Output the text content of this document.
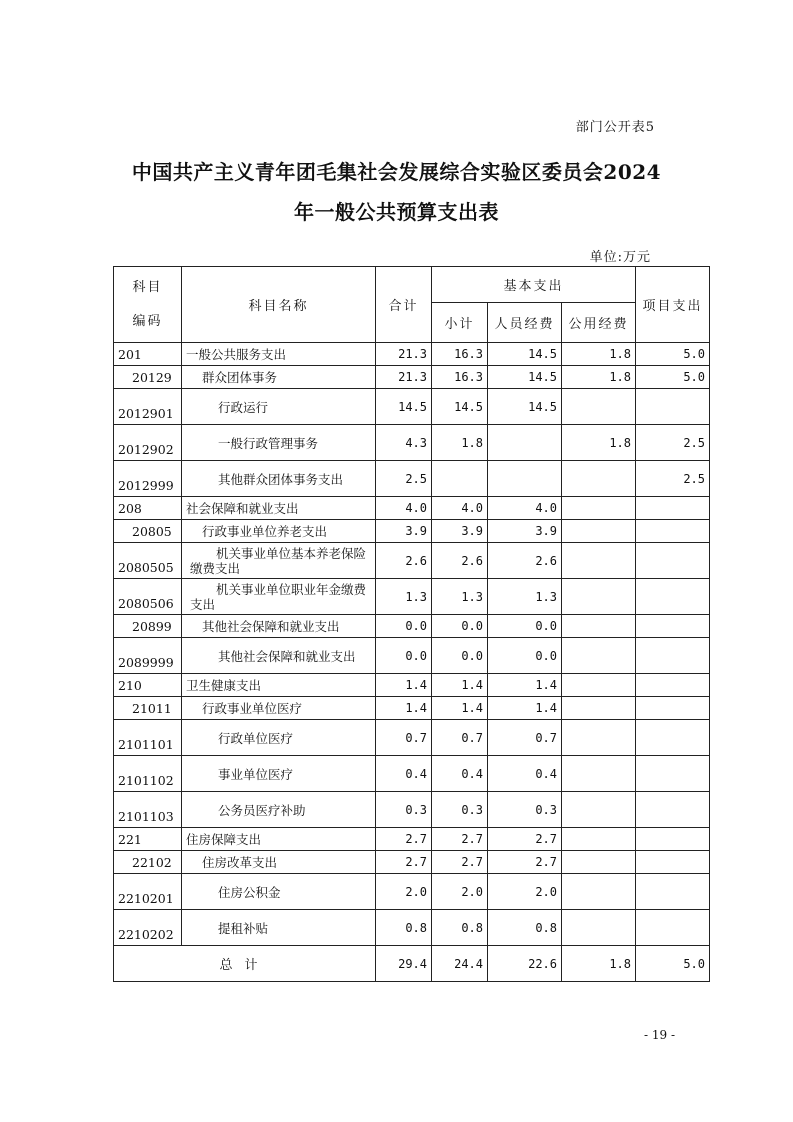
部门公开表5
中国共产主义青年团毛集社会发展综合实验区委员会2024
年一般公共预算支出表
单位:万元
科目
编码	科目名称	合计	基本支出			项目支出
			小计	人员经费	公用经费	
201	一般公共服务支出	21.3	16.3	14.5	1.8	5.0
20129	群众团体事务	21.3	16.3	14.5	1.8	5.0
2012901	行政运行	14.5	14.5	14.5		
2012902	一般行政管理事务	4.3	1.8		1.8	2.5
2012999	其他群众团体事务支出	2.5				2.5
208	社会保障和就业支出	4.0	4.0	4.0		
20805	行政事业单位养老支出	3.9	3.9	3.9		
2080505	机关事业单位基本养老保险缴费支出	2.6	2.6	2.6		
2080506	机关事业单位职业年金缴费支出	1.3	1.3	1.3		
20899	其他社会保障和就业支出	0.0	0.0	0.0		
2089999	其他社会保障和就业支出	0.0	0.0	0.0		
210	卫生健康支出	1.4	1.4	1.4		
21011	行政事业单位医疗	1.4	1.4	1.4		
2101101	行政单位医疗	0.7	0.7	0.7		
2101102	事业单位医疗	0.4	0.4	0.4		
2101103	公务员医疗补助	0.3	0.3	0.3		
221	住房保障支出	2.7	2.7	2.7		
22102	住房改革支出	2.7	2.7	2.7		
2210201	住房公积金	2.0	2.0	2.0		
2210202	提租补贴	0.8	0.8	0.8		
总计		29.4	24.4	22.6	1.8	5.0
- 19 -
